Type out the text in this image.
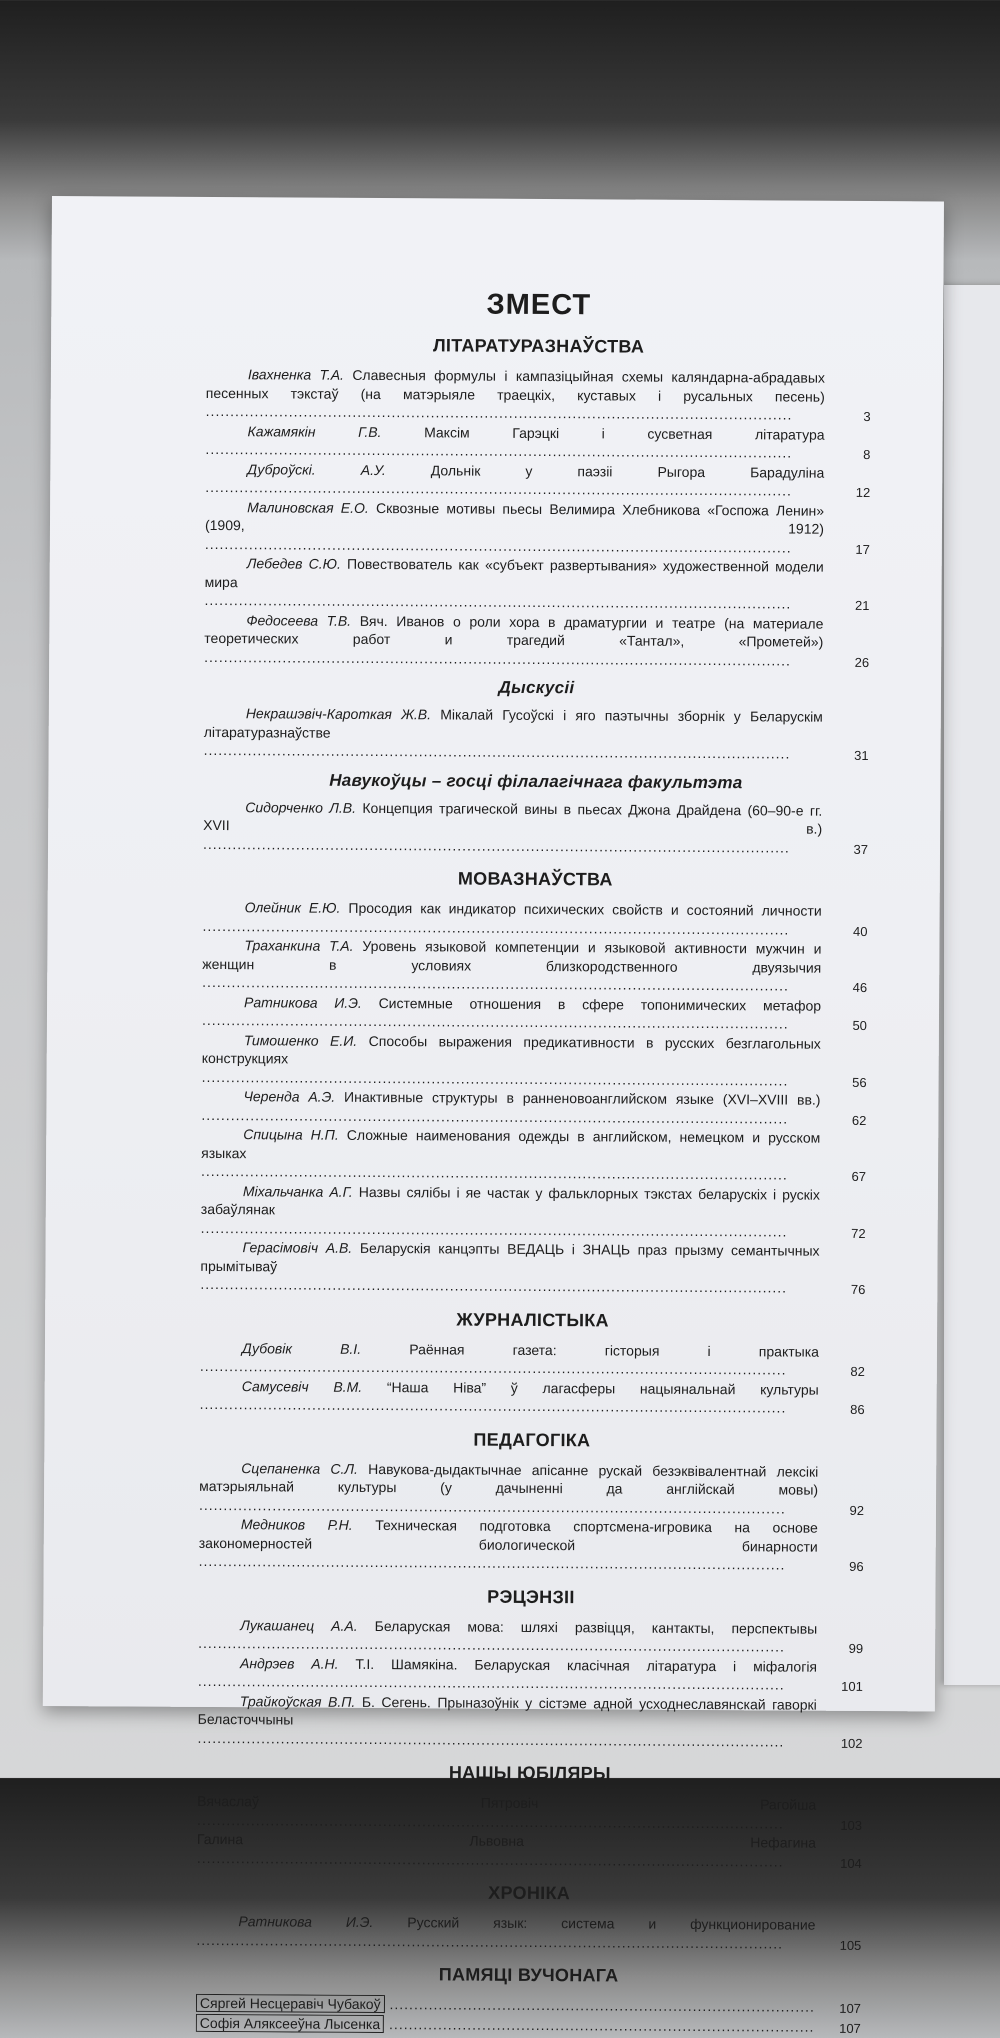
ЗМЕСТ
ЛІТАРАТУРАЗНАЎСТВА
Івахненка Т.А. Славесныя формулы і кампазіцыйная схемы каляндарна-абрадавых песенных тэкстаў (на матэрыяле траецкіх, куставых і русальных песень) .....
3
Кажамякін Г.В.	Максім Гарэцкі і сусветная літаратура .....
8
Дуброўскі. А.У.	Дольнік у паэзіі Рыгора Барадуліна .....
12
Малиновская Е.О. Сквозные мотивы пьесы Велимира Хлебникова «Госпожа Ленин» (1909, 1912) .....
17
Лебедев С.Ю. Повествователь как «субъект развертывания» художественной модели мира .....
21
Федосеева Т.В. Вяч. Иванов о роли хора в драматургии и театре (на материале теоретических работ и трагедий «Тантал», «Прометей») .....
26
Дыскусіі
Некрашэвіч-Кароткая Ж.В. Мікалай Гусоўскі і яго паэтычны зборнік у Беларускім літаратуразнаўстве .....
31
Навукоўцы – госці філалагічнага факультэта
Сидорченко Л.В. Концепция трагической вины в пьесах Джона Драйдена (60–90-е гг. XVII в.) .....
37
МОВАЗНАЎСТВА
Олейник Е.Ю. Просодия как индикатор психических свойств и состояний личности .....
40
Траханкина Т.А. Уровень языковой компетенции и языковой активности мужчин и женщин в условиях близкородственного двуязычия .....
46
Ратникова И.Э. Системные отношения в сфере топонимических метафор .....
50
Тимошенко Е.И. Способы выражения предикативности в русских безглагольных конструкциях .....
56
Черенда А.Э. Инактивные структуры в ранненовоанглийском языке (XVI–XVIII вв.) .....
62
Спицына Н.П. Сложные наименования одежды в английском, немецком и русском языках .....
67
Міхальчанка А.Г. Назвы сялібы і яе частак у фальклорных тэкстах беларускіх і рускіх забаўлянак .....
72
Герасімовіч А.В. Беларускія канцэпты ВЕДАЦЬ і ЗНАЦЬ праз прызму семантычных прымітываў .....
76
ЖУРНАЛІСТЫКА
Дубовік В.І.	Раённая газета: гісторыя і практыка .....
82
Самусевіч В.М. “Наша Ніва” ў лагасферы нацыянальнай культуры .....
86
ПЕДАГОГІКА
Сцепаненка С.Л. Навукова-дыдактычнае апісанне рускай безэквівалентнай лексікі матэрыяльнай культуры (у дачыненні да англійскай мовы) .....
92
Медников Р.Н. Техническая подготовка спортсмена-игровика на основе закономерностей биологической бинарности .....
96
РЭЦЭНЗІІ
Лукашанец А.А. Беларуская мова: шляхі развіцця, кантакты, перспектывы .....
99
Андрэев А.Н. Т.І. Шамякіна. Беларуская класічная літаратура і міфалогія .....
101
Трайкоўская В.П. Б. Сегень. Прыназоўнік у сістэме адной усходнеславянскай гаворкі Беласточчыны .....
102
НАШЫ ЮБІЛЯРЫ
Вячаслаў Пятровіч Рагойша .....
103
Галина Львовна Нефагина .....
104
ХРОНІКА
Ратникова И.Э. Русский язык: система и функционирование .....
105
ПАМЯЦІ ВУЧОНАГА
Сяргей Несцеравіч Чубакоў .....	107
Софія Аляксееўна Лысенка .....	107
